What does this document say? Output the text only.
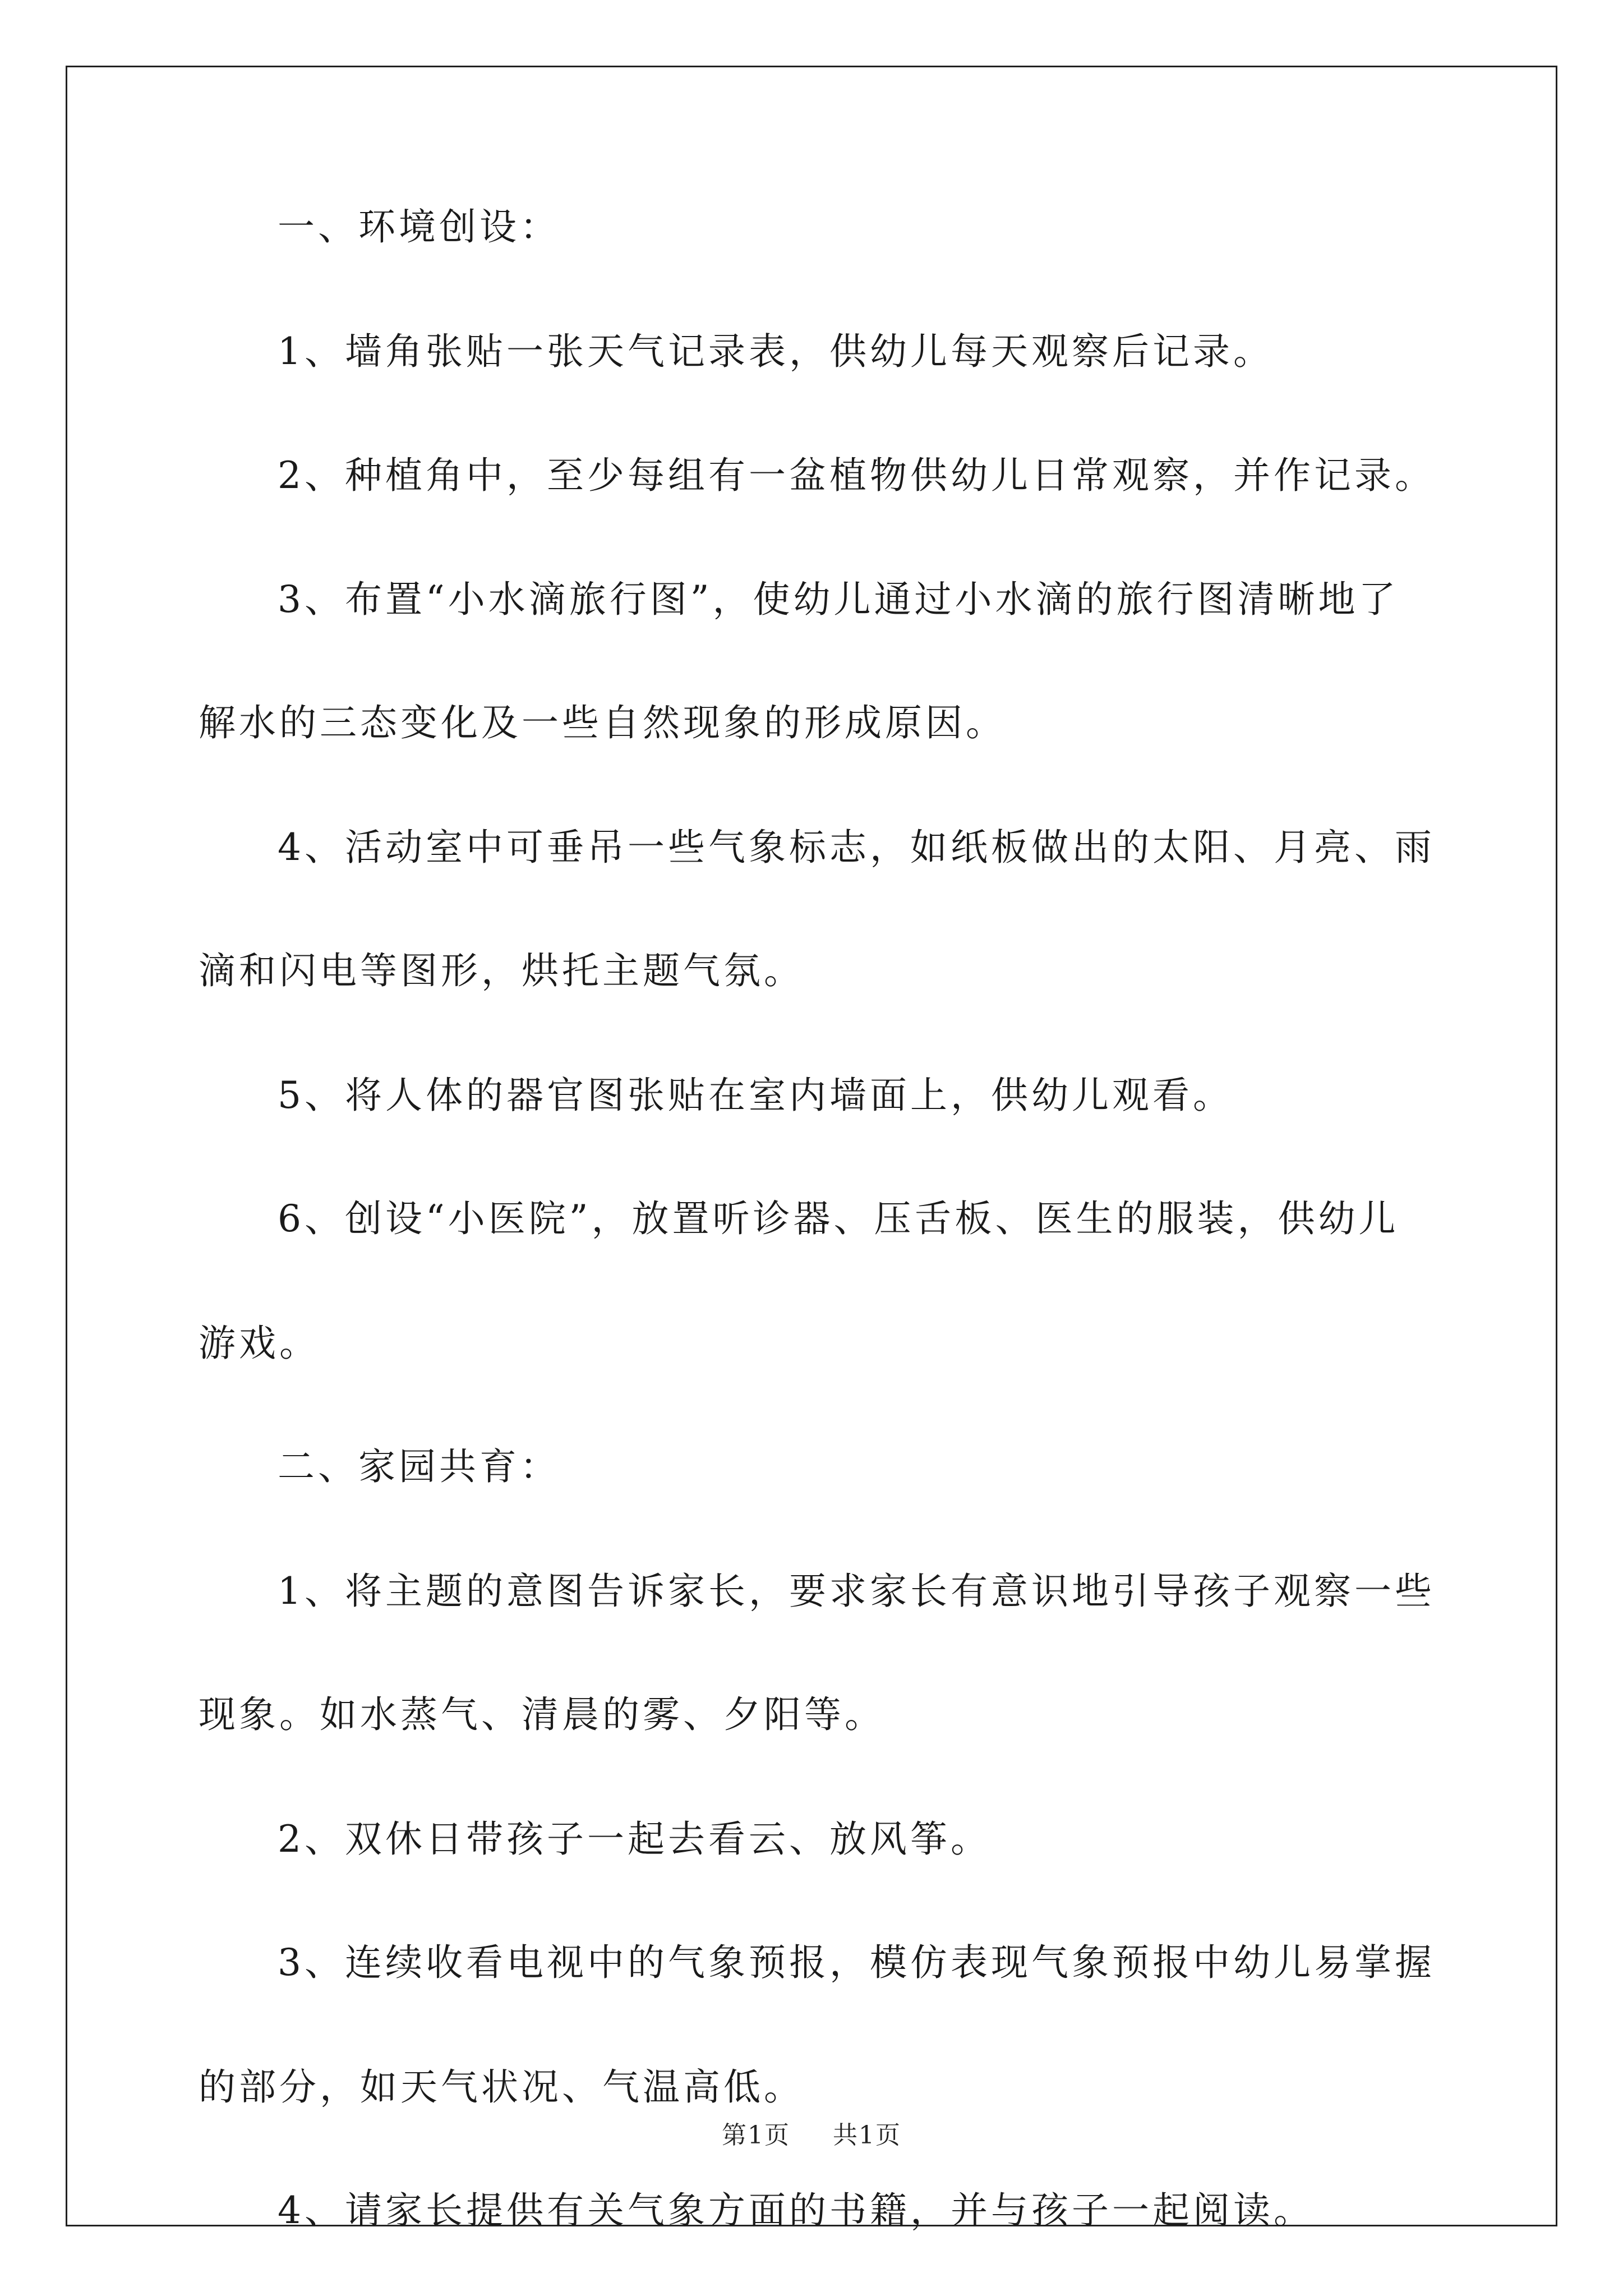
一、环境创设：

1、墙角张贴一张天气记录表，供幼儿每天观察后记录。

2、种植角中，至少每组有一盆植物供幼儿日常观察，并作记录。

3、布置“小水滴旅行图”，使幼儿通过小水滴的旅行图清晰地了

解水的三态变化及一些自然现象的形成原因。

4、活动室中可垂吊一些气象标志，如纸板做出的太阳、月亮、雨

滴和闪电等图形，烘托主题气氛。

5、将人体的器官图张贴在室内墙面上，供幼儿观看。

6、创设“小医院”，放置听诊器、压舌板、医生的服装，供幼儿

游戏。

二、家园共育：

1、将主题的意图告诉家长，要求家长有意识地引导孩子观察一些

现象。如水蒸气、清晨的雾、夕阳等。

2、双休日带孩子一起去看云、放风筝。

3、连续收看电视中的气象预报，模仿表现气象预报中幼儿易掌握

的部分，如天气状况、气温高低。

4、请家长提供有关气象方面的书籍，并与孩子一起阅读。

第1页 共1页
